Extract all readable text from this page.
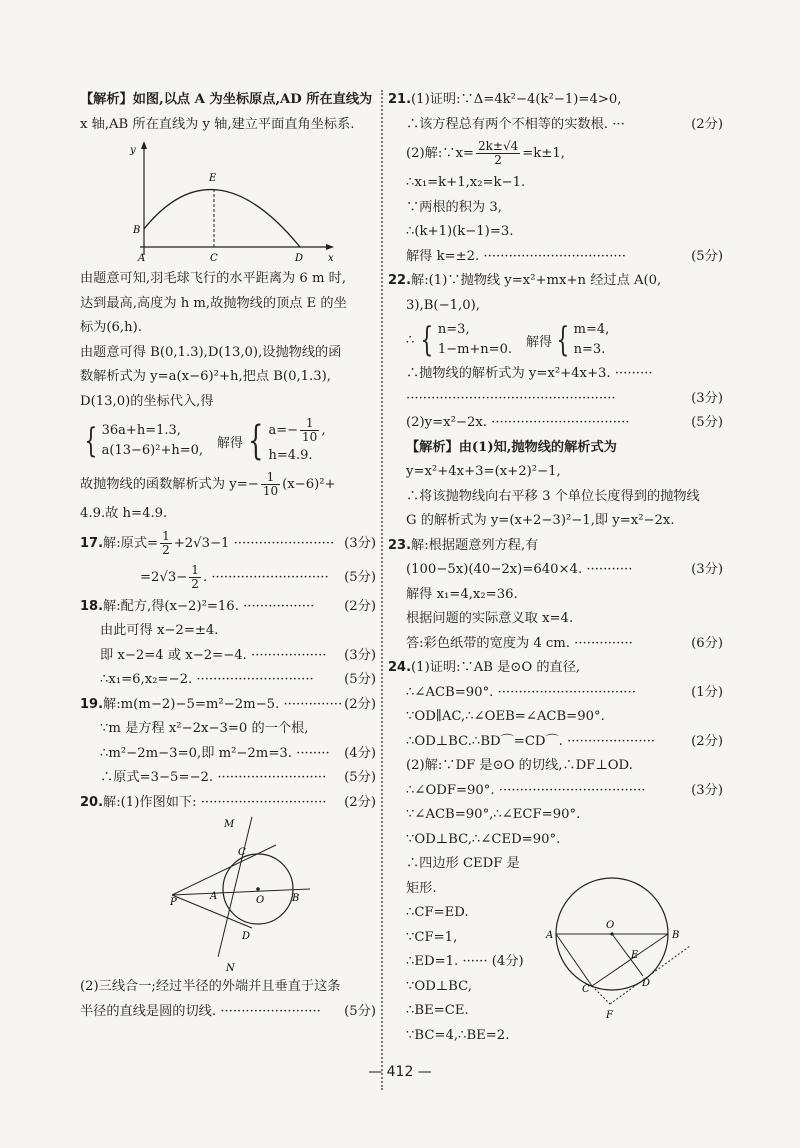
【解析】如图,以点 A 为坐标原点,AD 所在直线为
x 轴,AB 所在直线为 y 轴,建立平面直角坐标系.
y
x
E
B
A	C	D
由题意可知,羽毛球飞行的水平距离为 6 m 时,
达到最高,高度为 h m,故抛物线的顶点 E 的坐
标为(6,h).
由题意可得 B(0,1.3),D(13,0),设抛物线的函
数解析式为 y=a(x−6)²+h,把点 B(0,1.3),
D(13,0)的坐标代入,得
{ 36a+h=1.3,
a(13−6)²+h=0, 解得 { $a=- \frac{1}{10}$ ,
h=4.9.
故抛物线的函数解析式为 $y=- \frac{1}{10} (x-6)^2+$
4.9.故 h=4.9.
17.解:原式= $\frac{1}{2} +2√3-1$ ························ (3分)
$=2√3- \frac{1}{2}$ . ···························· (5分)
18.解:配方,得(x−2)²=16. ················· (2分)
由此可得 x−2=±4.
即 x−2=4 或 x−2=−4. ·················· (3分)
∴x₁=6,x₂=−2. ···························· (5分)
19.解:m(m−2)−5=m²−2m−5. ·············· (2分)
∵m 是方程 x²−2x−3=0 的一个根,
∴m²−2m−3=0,即 m²−2m=3. ········ (4分)
∴原式=3−5=−2. ·························· (5分)
20.解:(1)作图如下: ······························ (2分)
M
C
P
A	O	B
D
N
(2)三线合一;经过半径的外端并且垂直于这条
半径的直线是圆的切线. ························ (5分)
21.(1)证明:∵Δ=4k²−4(k²−1)=4>0,
∴该方程总有两个不相等的实数根. ···	(2分)
(2)解:∵x= $\frac{2k\pm√4}{2} =k\pm 1$,
∴x₁=k+1,x₂=k−1.
∵两根的积为 3,
∴(k+1)(k−1)=3.
解得 k=±2. ··································	(5分)
22.解:(1)∵抛物线 y=x²+mx+n 经过点 A(0,
3),B(−1,0),
∴ { n=3,
1−m+n=0. 解得 { m=4,
n=3.
∴抛物线的解析式为 y=x²+4x+3. ·········
··················································	(3分)
(2)y=x²−2x. ·································	(5分)
【解析】由(1)知,抛物线的解析式为
y=x²+4x+3=(x+2)²−1,
∴将该抛物线向右平移 3 个单位长度得到的抛物线
G 的解析式为 y=(x+2−3)²−1,即 y=x²−2x.
23.解:根据题意列方程,有
(100−5x)(40−2x)=640×4. ···········	(3分)
解得 x₁=4,x₂=36.
根据问题的实际意义取 x=4.
答:彩色纸带的宽度为 4 cm. ··············	(6分)
24.(1)证明:∵AB 是⊙O 的直径,
∴∠ACB=90°. ·································	(1分)
∵OD∥AC,∴∠OEB=∠ACB=90°.
∴OD⊥BC.∴BD⌒=CD⌒. ·····················	(2分)
(2)解:∵DF 是⊙O 的切线,∴DF⊥OD.
∴∠ODF=90°. ···································	(3分)
∵∠ACB=90°,∴∠ECF=90°.
∵OD⊥BC,∴∠CED=90°.
∴四边形 CEDF 是
矩形.
∴CF=ED.
∵CF=1,
∴ED=1. ······ (4分)
∵OD⊥BC,
∴BE=CE.
∵BC=4,∴BE=2.
O
A	B
E
C
D
F
— 412 —
